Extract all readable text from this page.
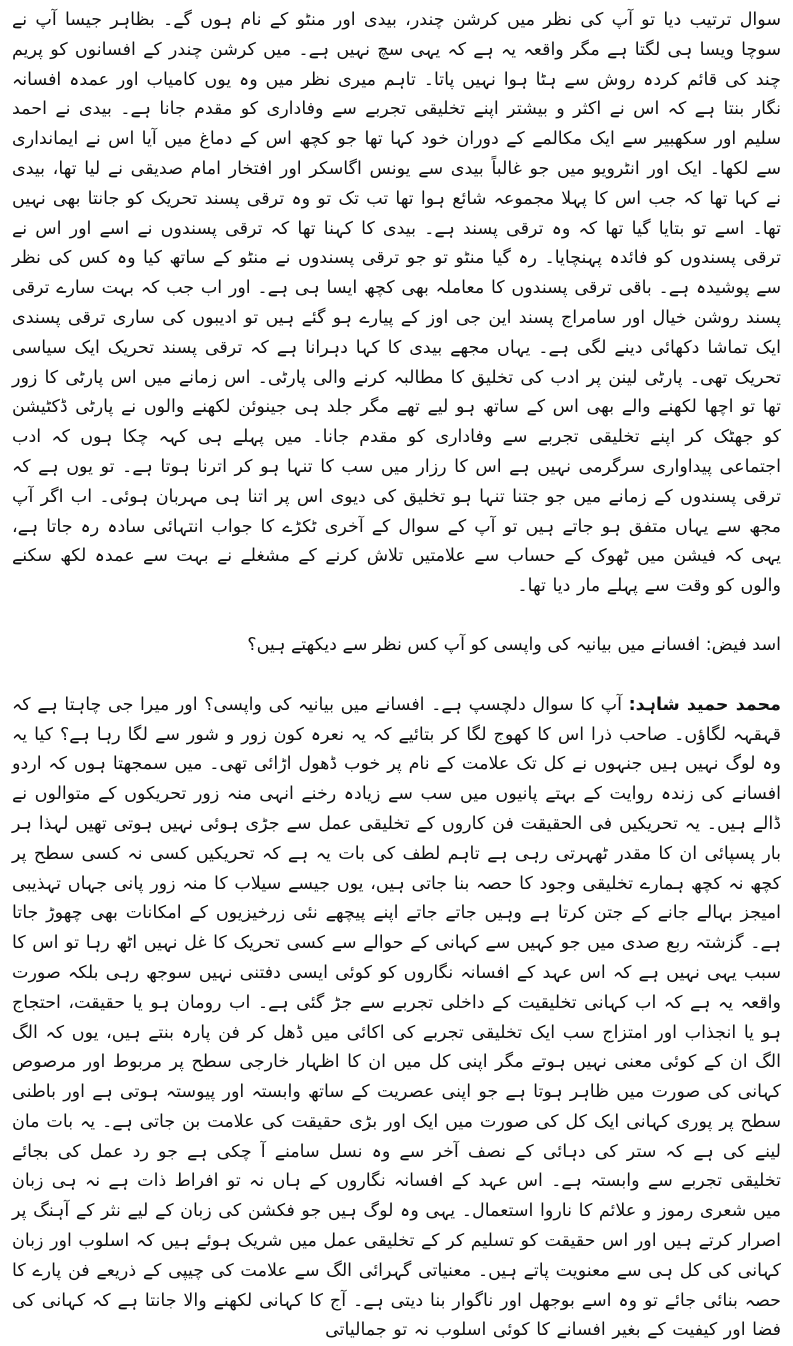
سوال ترتیب دیا تو آپ کی نظر میں کرشن چندر، بیدی اور منٹو کے نام ہوں گے۔ بظاہر جیسا آپ نے سوچا ویسا ہی لگتا ہے مگر واقعہ یہ ہے کہ یہی سچ نہیں ہے۔ میں کرشن چندر کے افسانوں کو پریم چند کی قائم کردہ روش سے ہٹا ہوا نہیں پاتا۔ تاہم میری نظر میں وہ یوں کامیاب اور عمدہ افسانہ نگار بنتا ہے کہ اس نے اکثر و بیشتر اپنے تخلیقی تجربے سے وفاداری کو مقدم جانا ہے۔ بیدی نے احمد سلیم اور سکھبیر سے ایک مکالمے کے دوران خود کہا تھا جو کچھ اس کے دماغ میں آیا اس نے ایمانداری سے لکھا۔ ایک اور انٹرویو میں جو غالباً بیدی سے یونس اگاسکر اور افتخار امام صدیقی نے لیا تھا، بیدی نے کہا تھا کہ جب اس کا پہلا مجموعہ شائع ہوا تھا تب تک تو وہ ترقی پسند تحریک کو جانتا بھی نہیں تھا۔ اسے تو بتایا گیا تھا کہ وہ ترقی پسند ہے۔ بیدی کا کہنا تھا کہ ترقی پسندوں نے اسے اور اس نے ترقی پسندوں کو فائدہ پہنچایا۔ رہ گیا منٹو تو جو ترقی پسندوں نے منٹو کے ساتھ کیا وہ کس کی نظر سے پوشیدہ ہے۔ باقی ترقی پسندوں کا معاملہ بھی کچھ ایسا ہی ہے۔ اور اب جب کہ بہت سارے ترقی پسند روشن خیال اور سامراج پسند این جی اوز کے پیارے ہو گئے ہیں تو ادیبوں کی ساری ترقی پسندی ایک تماشا دکھائی دینے لگی ہے۔ یہاں مجھے بیدی کا کہا دہرانا ہے کہ ترقی پسند تحریک ایک سیاسی تحریک تھی۔ پارٹی لینن پر ادب کی تخلیق کا مطالبہ کرنے والی پارٹی۔ اس زمانے میں اس پارٹی کا زور تھا تو اچھا لکھنے والے بھی اس کے ساتھ ہو لیے تھے مگر جلد ہی جینوئن لکھنے والوں نے پارٹی ڈکٹیشن کو جھٹک کر اپنے تخلیقی تجربے سے وفاداری کو مقدم جانا۔ میں پہلے ہی کہہ چکا ہوں کہ ادب اجتماعی پیداواری سرگرمی نہیں ہے اس کا رزار میں سب کا تنہا ہو کر اترنا ہوتا ہے۔ تو یوں ہے کہ ترقی پسندوں کے زمانے میں جو جتنا تنہا ہو تخلیق کی دیوی اس پر اتنا ہی مہربان ہوئی۔ اب اگر آپ مجھ سے یہاں متفق ہو جاتے ہیں تو آپ کے سوال کے آخری ٹکڑے کا جواب انتہائی سادہ رہ جاتا ہے، یہی کہ فیشن میں ٹھوک کے حساب سے علامتیں تلاش کرنے کے مشغلے نے بہت سے عمدہ لکھ سکنے والوں کو وقت سے پہلے مار دیا تھا۔

اسد فیض: افسانے میں بیانیہ کی واپسی کو آپ کس نظر سے دیکھتے ہیں؟

محمد حمید شاہد: آپ کا سوال دلچسپ ہے۔ افسانے میں بیانیہ کی واپسی؟ اور میرا جی چاہتا ہے کہ قہقہہ لگاؤں۔ صاحب ذرا اس کا کھوج لگا کر بتائیے کہ یہ نعرہ کون زور و شور سے لگا رہا ہے؟ کیا یہ وہ لوگ نہیں ہیں جنہوں نے کل تک علامت کے نام پر خوب ڈھول اڑائی تھی۔ میں سمجھتا ہوں کہ اردو افسانے کی زندہ روایت کے بہتے پانیوں میں سب سے زیادہ رخنے انہی منہ زور تحریکوں کے متوالوں نے ڈالے ہیں۔ یہ تحریکیں فی الحقیقت فن کاروں کے تخلیقی عمل سے جڑی ہوئی نہیں ہوتی تھیں لہذا ہر بار پسپائی ان کا مقدر ٹھہرتی رہی ہے تاہم لطف کی بات یہ ہے کہ تحریکیں کسی نہ کسی سطح پر کچھ نہ کچھ ہمارے تخلیقی وجود کا حصہ بنا جاتی ہیں، یوں جیسے سیلاب کا منہ زور پانی جہاں تہذیبی امیجز بہالے جانے کے جتن کرتا ہے وہیں جاتے جاتے اپنے پیچھے نئی زرخیزیوں کے امکانات بھی چھوڑ جاتا ہے۔ گزشتہ ربع صدی میں جو کہیں سے کہانی کے حوالے سے کسی تحریک کا غل نہیں اٹھ رہا تو اس کا سبب یہی نہیں ہے کہ اس عہد کے افسانہ نگاروں کو کوئی ایسی دفتنی نہیں سوجھ رہی بلکہ صورت واقعہ یہ ہے کہ اب کہانی تخلیقیت کے داخلی تجربے سے جڑ گئی ہے۔ اب رومان ہو یا حقیقت، احتجاج ہو یا انجذاب اور امتزاج سب ایک تخلیقی تجربے کی اکائی میں ڈھل کر فن پارہ بنتے ہیں، یوں کہ الگ الگ ان کے کوئی معنی نہیں ہوتے مگر اپنی کل میں ان کا اظہار خارجی سطح پر مربوط اور مرصوص کہانی کی صورت میں ظاہر ہوتا ہے جو اپنی عصریت کے ساتھ وابستہ اور پیوستہ ہوتی ہے اور باطنی سطح پر پوری کہانی ایک کل کی صورت میں ایک اور بڑی حقیقت کی علامت بن جاتی ہے۔ یہ بات مان لینے کی ہے کہ ستر کی دہائی کے نصف آخر سے وہ نسل سامنے آ چکی ہے جو رد عمل کی بجائے تخلیقی تجربے سے وابستہ ہے۔ اس عہد کے افسانہ نگاروں کے ہاں نہ تو افراط ذات ہے نہ ہی زبان میں شعری رموز و علائم کا ناروا استعمال۔ یہی وہ لوگ ہیں جو فکشن کی زبان کے لیے نثر کے آہنگ پر اصرار کرتے ہیں اور اس حقیقت کو تسلیم کر کے تخلیقی عمل میں شریک ہوئے ہیں کہ اسلوب اور زبان کہانی کی کل ہی سے معنویت پاتے ہیں۔ معنیاتی گہرائی الگ سے علامت کی چیپی کے ذریعے فن پارے کا حصہ بنائی جائے تو وہ اسے بوجھل اور ناگوار بنا دیتی ہے۔ آج کا کہانی لکھنے والا جانتا ہے کہ کہانی کی فضا اور کیفیت کے بغیر افسانے کا کوئی اسلوب نہ تو جمالیاتی
